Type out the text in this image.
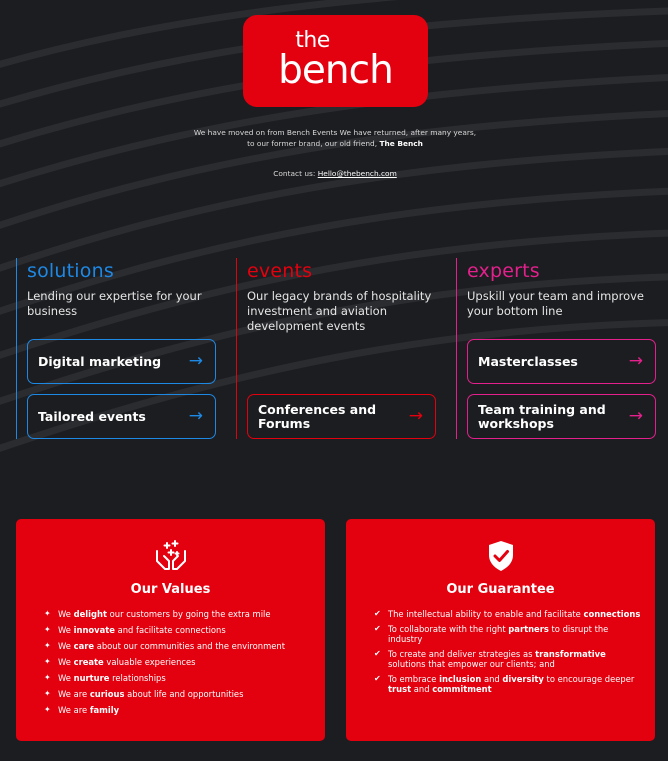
the
bench
We have moved on from Bench Events We have returned, after many years,
to our former brand, our old friend, The Bench
Contact us: Hello@thebench.com
solutions

Lending our expertise for your business

Digital marketing →
Tailored events	→
events

Our legacy brands of hospitality investment and aviation development events

Conferences and Forums	→
experts

Upskill your team and improve your bottom line

Masterclasses	→
Team training and workshops	→
Our Values
✦ We delight our customers by going the extra mile
✦ We innovate and facilitate connections
✦ We care about our communities and the environment
✦ We create valuable experiences
✦ We nurture relationships
✦ We are curious about life and opportunities
✦ We are family
Our Guarantee
✔ The intellectual ability to enable and facilitate connections
✔ To collaborate with the right partners to disrupt the industry
✔ To create and deliver strategies as transformative solutions that empower our clients; and
✔ To embrace inclusion and diversity to encourage deeper trust and commitment
